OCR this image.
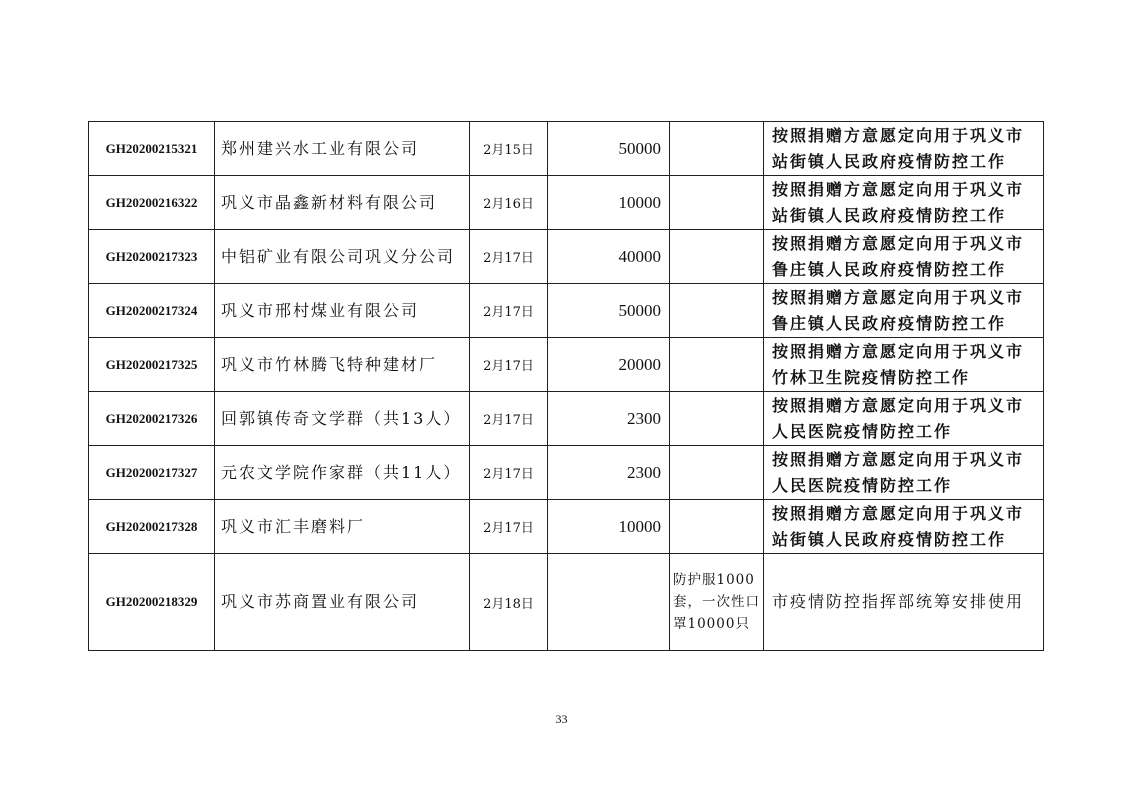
GH20200215321	郑州建兴水工业有限公司	2月15日	50000		按照捐赠方意愿定向用于巩义市站街镇人民政府疫情防控工作
GH20200216322	巩义市晶鑫新材料有限公司	2月16日	10000		按照捐赠方意愿定向用于巩义市站街镇人民政府疫情防控工作
GH20200217323	中铝矿业有限公司巩义分公司	2月17日	40000		按照捐赠方意愿定向用于巩义市鲁庄镇人民政府疫情防控工作
GH20200217324	巩义市邢村煤业有限公司	2月17日	50000		按照捐赠方意愿定向用于巩义市鲁庄镇人民政府疫情防控工作
GH20200217325	巩义市竹林腾飞特种建材厂	2月17日	20000		按照捐赠方意愿定向用于巩义市竹林卫生院疫情防控工作
GH20200217326	回郭镇传奇文学群（共13人）	2月17日	2300		按照捐赠方意愿定向用于巩义市人民医院疫情防控工作
GH20200217327	元农文学院作家群（共11人）	2月17日	2300		按照捐赠方意愿定向用于巩义市人民医院疫情防控工作
GH20200217328	巩义市汇丰磨料厂	2月17日	10000		按照捐赠方意愿定向用于巩义市站街镇人民政府疫情防控工作
GH20200218329	巩义市苏商置业有限公司	2月18日		防护服1000套，一次性口罩10000只	市疫情防控指挥部统筹安排使用
33
